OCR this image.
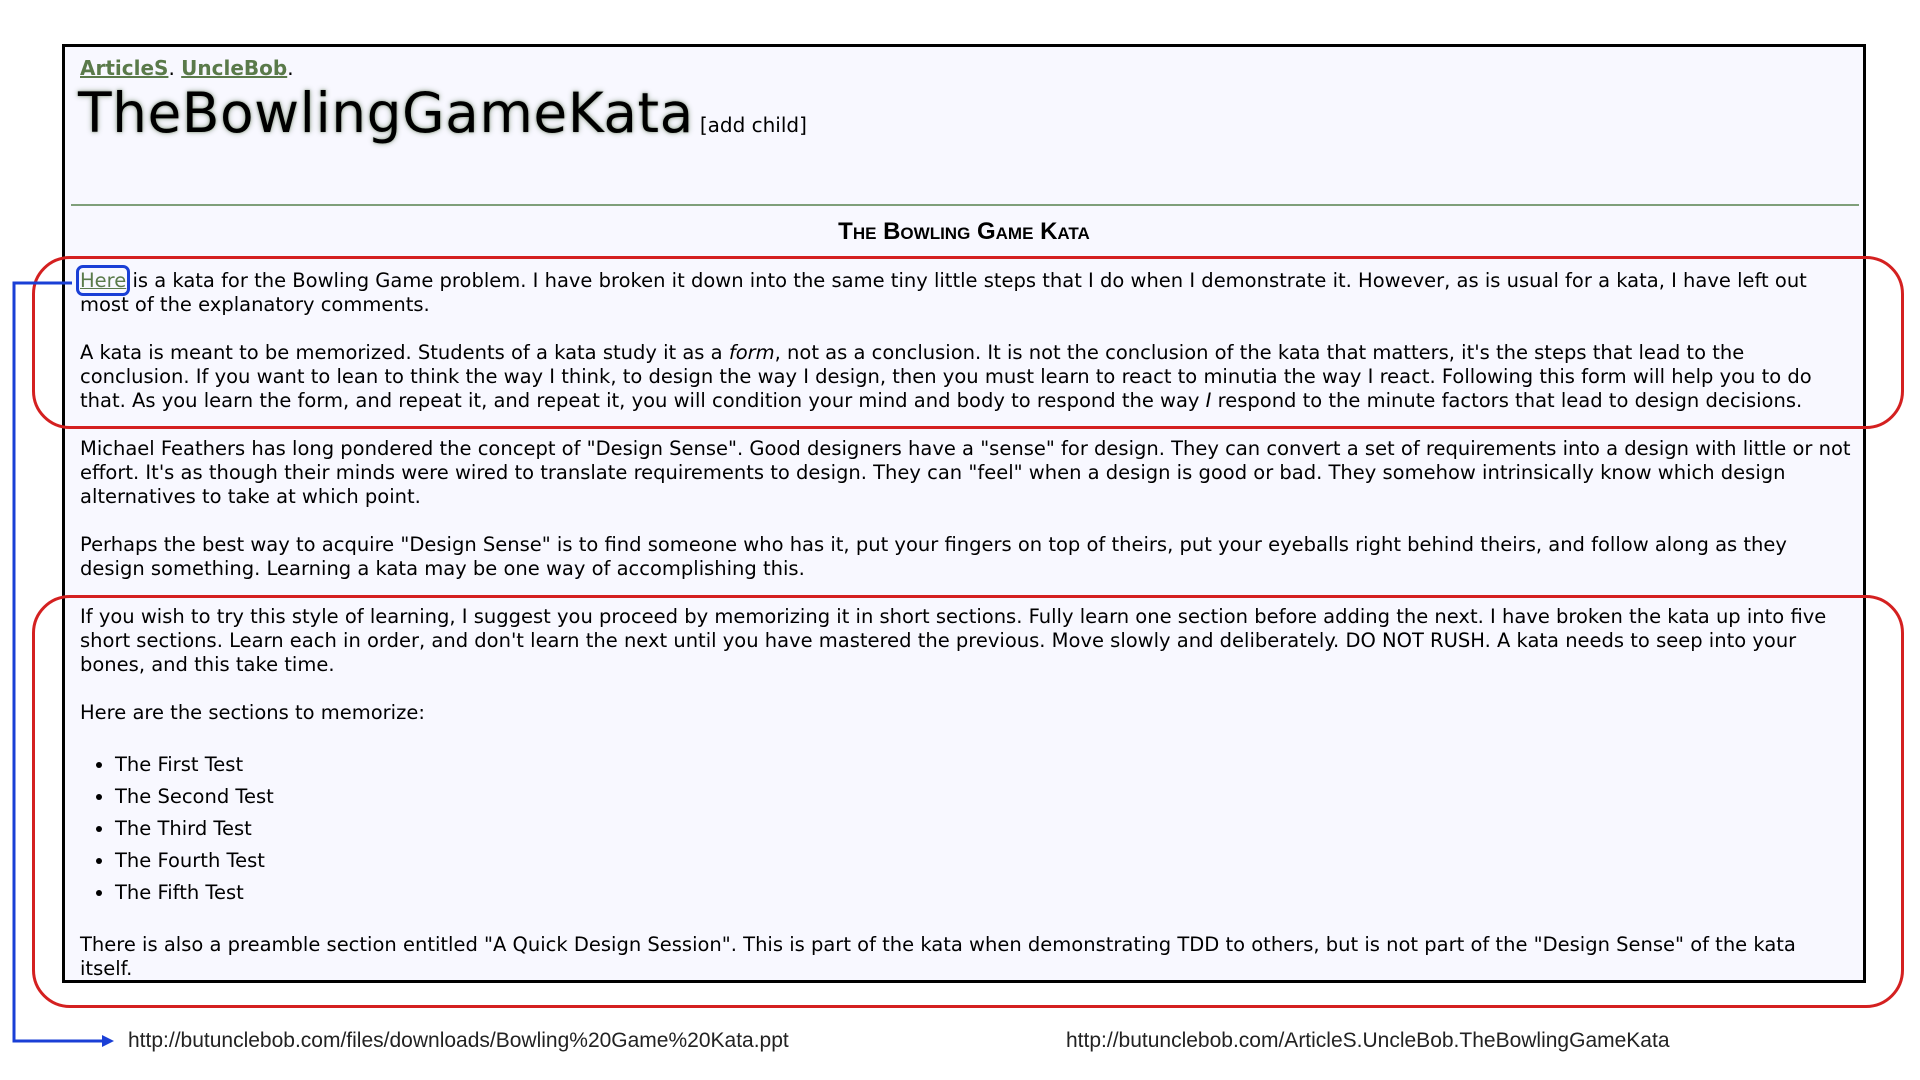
ArticleS. UncleBob.
TheBowlingGameKata [add child]
The Bowling Game Kata

Here is a kata for the Bowling Game problem. I have broken it down into the same tiny little steps that I do when I demonstrate it. However, as is usual for a kata, I have left out most of the explanatory comments.

A kata is meant to be memorized. Students of a kata study it as a form, not as a conclusion. It is not the conclusion of the kata that matters, it's the steps that lead to the conclusion. If you want to lean to think the way I think, to design the way I design, then you must learn to react to minutia the way I react. Following this form will help you to do that. As you learn the form, and repeat it, and repeat it, you will condition your mind and body to respond the way I respond to the minute factors that lead to design decisions.

Michael Feathers has long pondered the concept of "Design Sense". Good designers have a "sense" for design. They can convert a set of requirements into a design with little or not effort. It's as though their minds were wired to translate requirements to design. They can "feel" when a design is good or bad. They somehow intrinsically know which design alternatives to take at which point.

Perhaps the best way to acquire "Design Sense" is to find someone who has it, put your fingers on top of theirs, put your eyeballs right behind theirs, and follow along as they design something. Learning a kata may be one way of accomplishing this.

If you wish to try this style of learning, I suggest you proceed by memorizing it in short sections. Fully learn one section before adding the next. I have broken the kata up into five short sections. Learn each in order, and don't learn the next until you have mastered the previous. Move slowly and deliberately. DO NOT RUSH. A kata needs to seep into your bones, and this take time.

Here are the sections to memorize:

• The First Test
• The Second Test
• The Third Test
• The Fourth Test
• The Fifth Test

There is also a preamble section entitled "A Quick Design Session". This is part of the kata when demonstrating TDD to others, but is not part of the "Design Sense" of the kata itself.

http://butunclebob.com/files/downloads/Bowling%20Game%20Kata.ppt	http://butunclebob.com/ArticleS.UncleBob.TheBowlingGameKata
